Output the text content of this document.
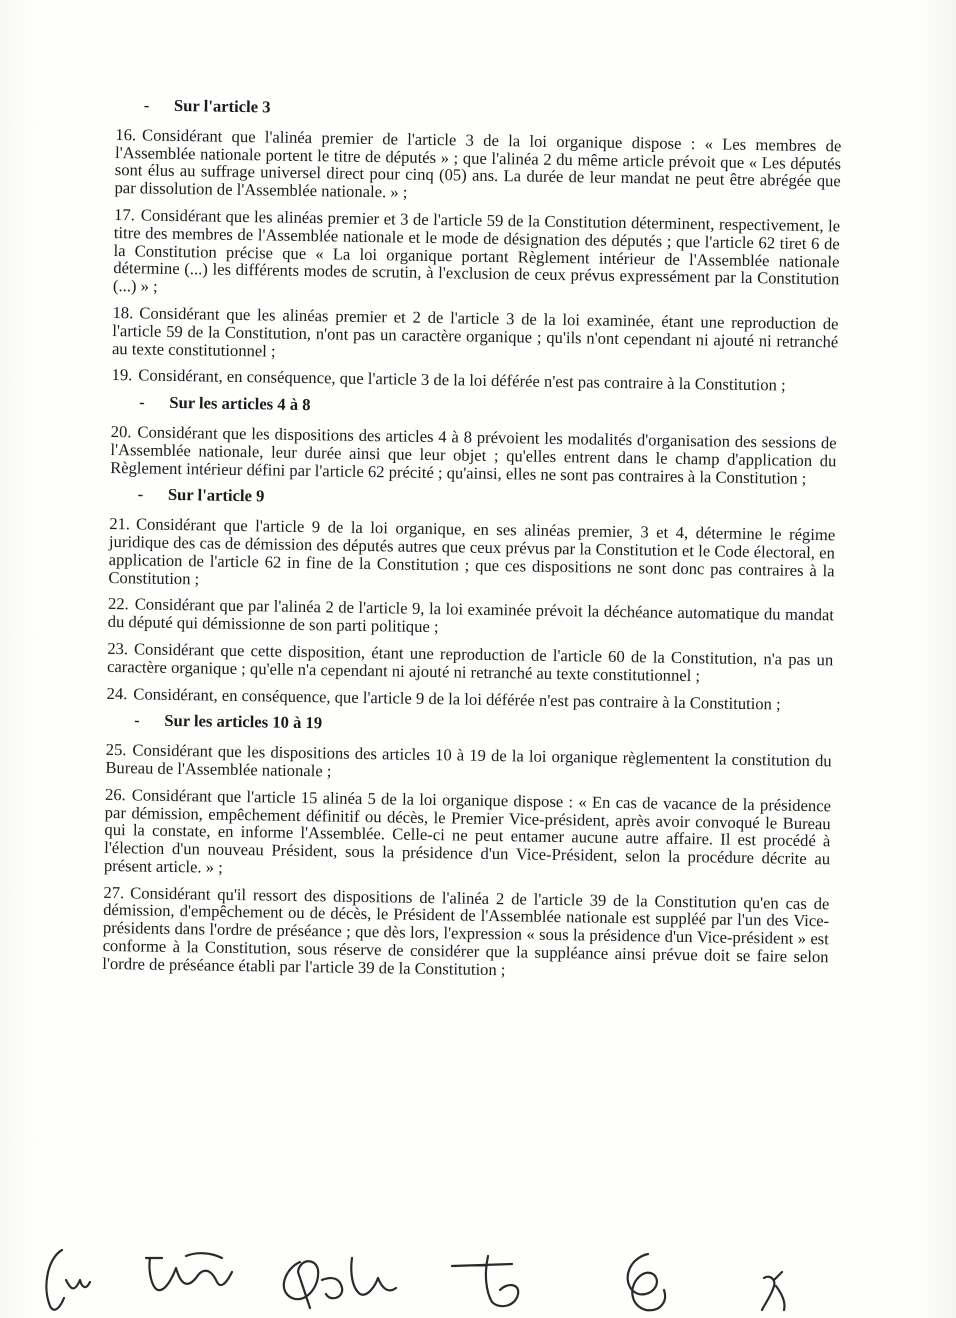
- Sur l'article 3

16. Considérant que l'alinéa premier de l'article 3 de la loi organique dispose : « Les membres de l'Assemblée nationale portent le titre de députés » ; que l'alinéa 2 du même article prévoit que « Les députés sont élus au suffrage universel direct pour cinq (05) ans. La durée de leur mandat ne peut être abrégée que par dissolution de l'Assemblée nationale. » ;

17. Considérant que les alinéas premier et 3 de l'article 59 de la Constitution déterminent, respectivement, le titre des membres de l'Assemblée nationale et le mode de désignation des députés ; que l'article 62 tiret 6 de la Constitution précise que « La loi organique portant Règlement intérieur de l'Assemblée nationale détermine (...) les différents modes de scrutin, à l'exclusion de ceux prévus expressément par la Constitution (...) » ;

18. Considérant que les alinéas premier et 2 de l'article 3 de la loi examinée, étant une reproduction de l'article 59 de la Constitution, n'ont pas un caractère organique ; qu'ils n'ont cependant ni ajouté ni retranché au texte constitutionnel ;

19. Considérant, en conséquence, que l'article 3 de la loi déférée n'est pas contraire à la Constitution ;

- Sur les articles 4 à 8

20. Considérant que les dispositions des articles 4 à 8 prévoient les modalités d'organisation des sessions de l'Assemblée nationale, leur durée ainsi que leur objet ; qu'elles entrent dans le champ d'application du Règlement intérieur défini par l'article 62 précité ; qu'ainsi, elles ne sont pas contraires à la Constitution ;

- Sur l'article 9

21. Considérant que l'article 9 de la loi organique, en ses alinéas premier, 3 et 4, détermine le régime juridique des cas de démission des députés autres que ceux prévus par la Constitution et le Code électoral, en application de l'article 62 in fine de la Constitution ; que ces dispositions ne sont donc pas contraires à la Constitution ;

22. Considérant que par l'alinéa 2 de l'article 9, la loi examinée prévoit la déchéance automatique du mandat du député qui démissionne de son parti politique ;

23. Considérant que cette disposition, étant une reproduction de l'article 60 de la Constitution, n'a pas un caractère organique ; qu'elle n'a cependant ni ajouté ni retranché au texte constitutionnel ;

24. Considérant, en conséquence, que l'article 9 de la loi déférée n'est pas contraire à la Constitution ;

- Sur les articles 10 à 19

25. Considérant que les dispositions des articles 10 à 19 de la loi organique règlementent la constitution du Bureau de l'Assemblée nationale ;

26. Considérant que l'article 15 alinéa 5 de la loi organique dispose : « En cas de vacance de la présidence par démission, empêchement définitif ou décès, le Premier Vice-président, après avoir convoqué le Bureau qui la constate, en informe l'Assemblée. Celle-ci ne peut entamer aucune autre affaire. Il est procédé à l'élection d'un nouveau Président, sous la présidence d'un Vice-Président, selon la procédure décrite au présent article. » ;

27. Considérant qu'il ressort des dispositions de l'alinéa 2 de l'article 39 de la Constitution qu'en cas de démission, d'empêchement ou de décès, le Président de l'Assemblée nationale est suppléé par l'un des Vice-présidents dans l'ordre de préséance ; que dès lors, l'expression « sous la présidence d'un Vice-président » est conforme à la Constitution, sous réserve de considérer que la suppléance ainsi prévue doit se faire selon l'ordre de préséance établi par l'article 39 de la Constitution ;
